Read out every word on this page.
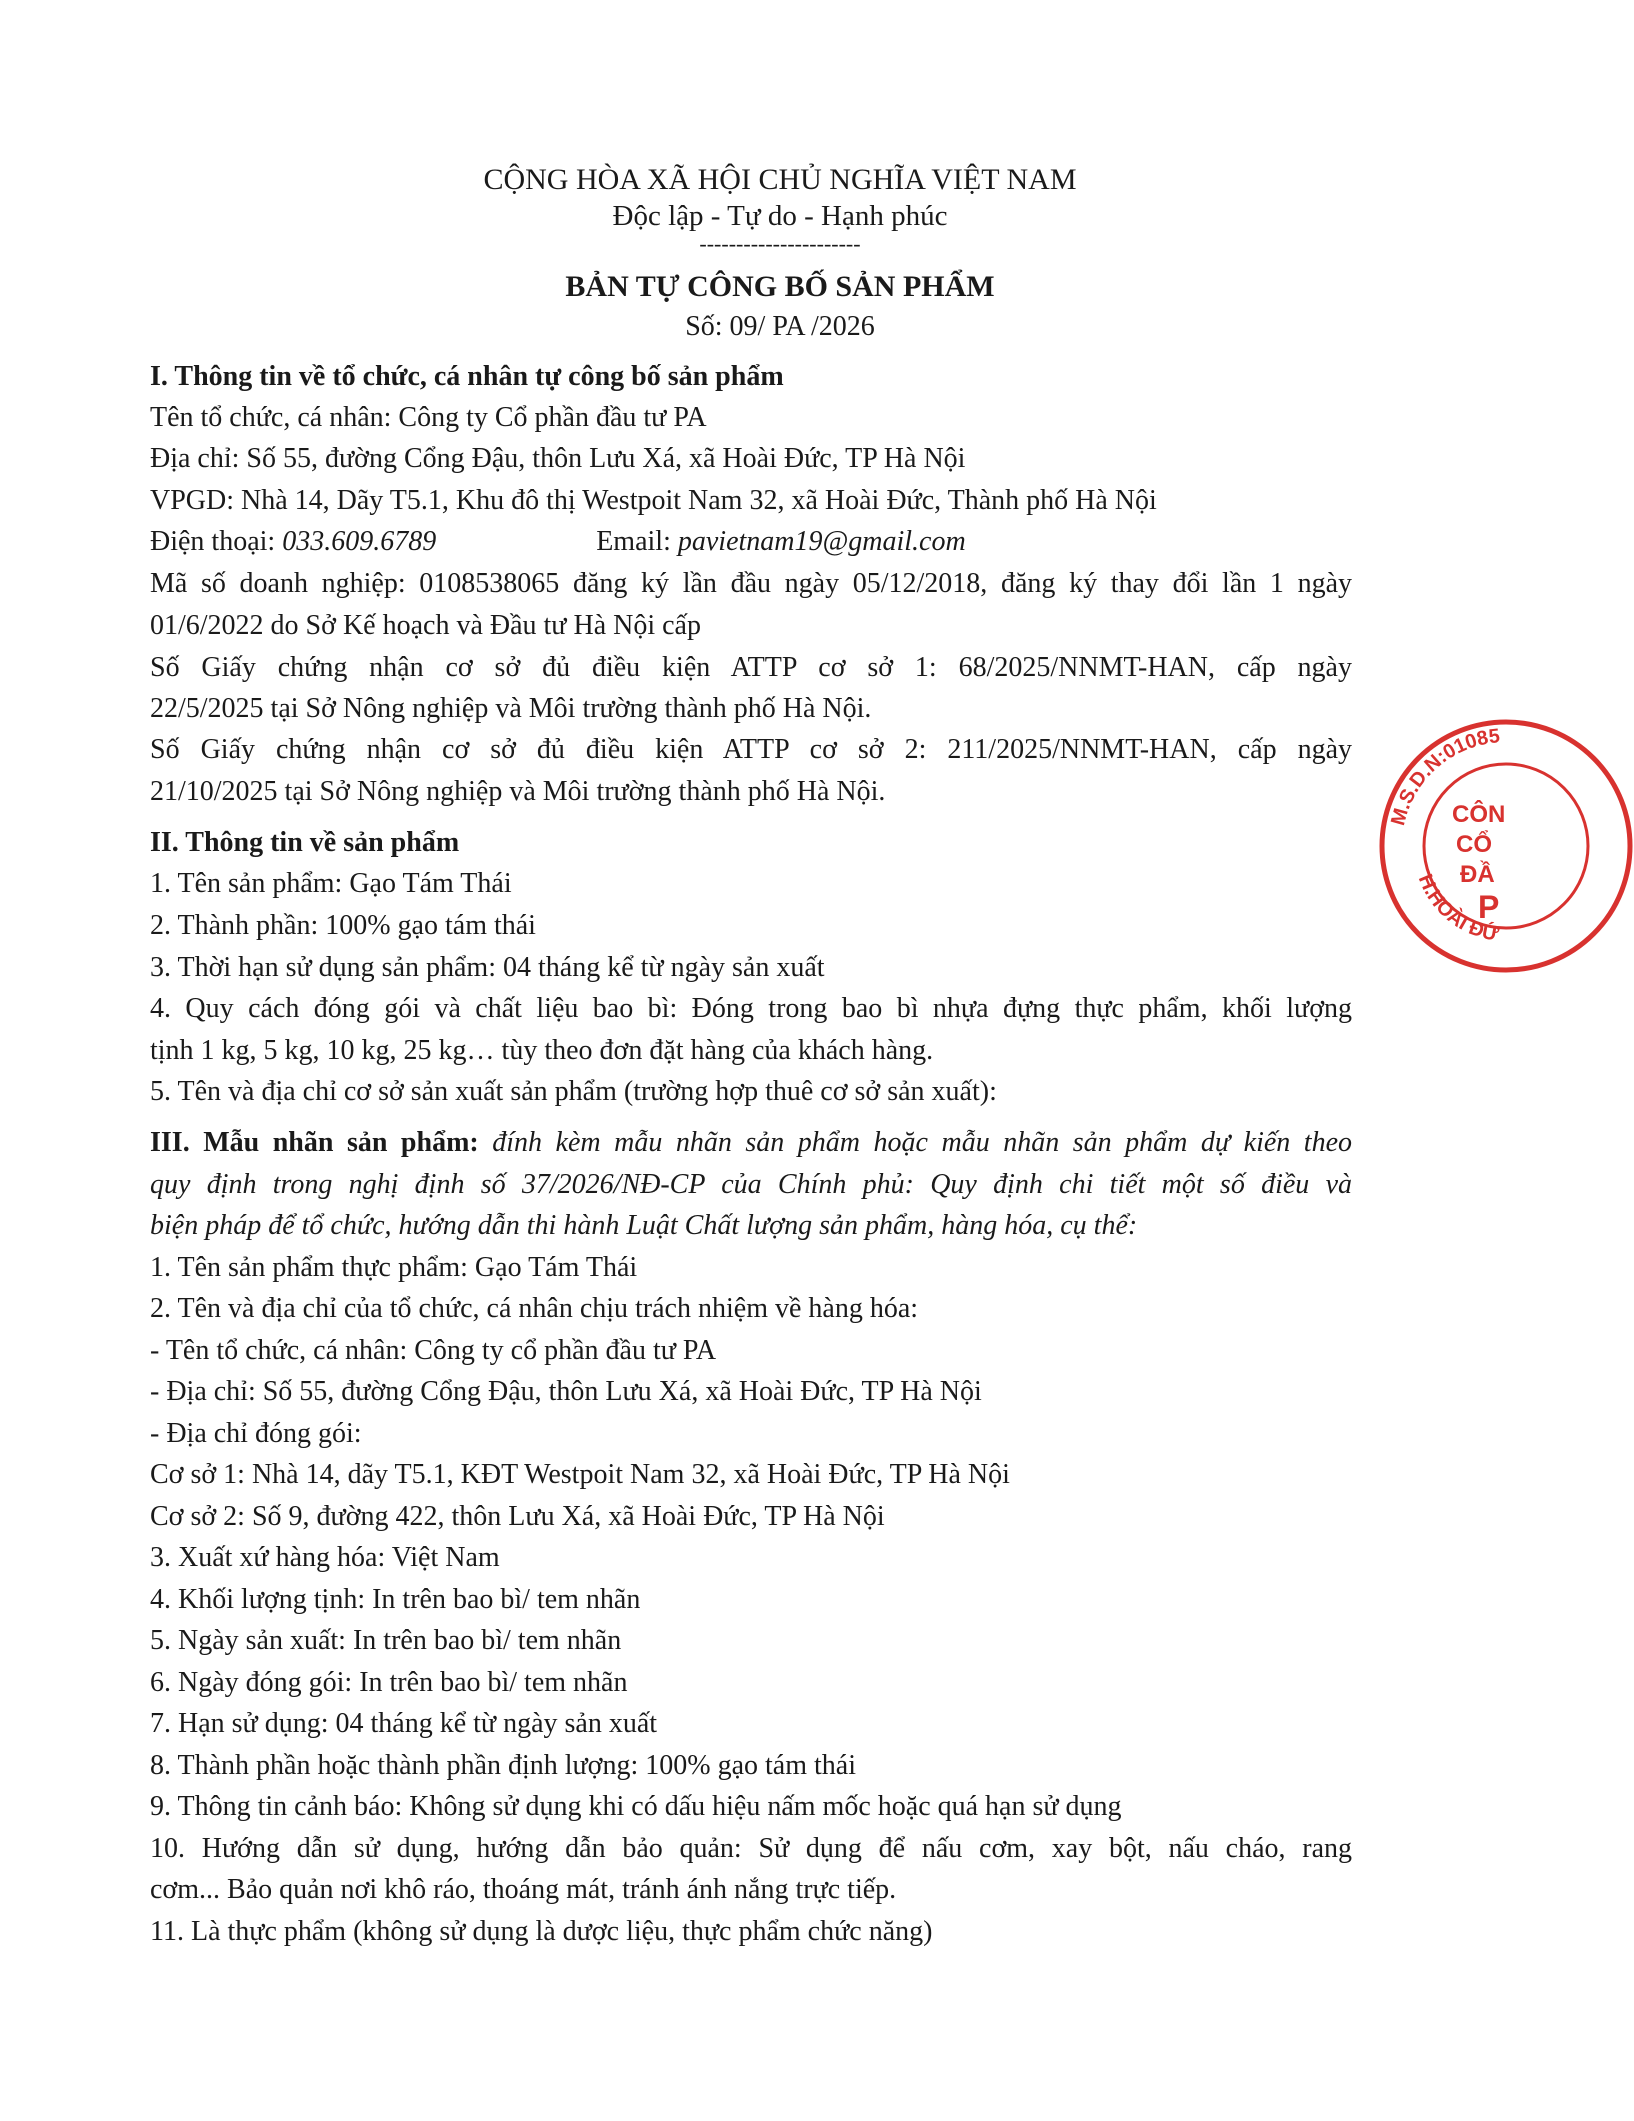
CỘNG HÒA XÃ HỘI CHỦ NGHĨA VIỆT NAM
Độc lập - Tự do - Hạnh phúc
----------------------
BẢN TỰ CÔNG BỐ SẢN PHẨM
Số: 09/ PA /2026
I. Thông tin về tổ chức, cá nhân tự công bố sản phẩm
Tên tổ chức, cá nhân: Công ty Cổ phần đầu tư PA
Địa chỉ: Số 55, đường Cổng Đậu, thôn Lưu Xá, xã Hoài Đức, TP Hà Nội
VPGD: Nhà 14, Dãy T5.1, Khu đô thị Westpoit Nam 32, xã Hoài Đức, Thành phố Hà Nội
Điện thoại: 033.609.6789	Email: pavietnam19@gmail.com
Mã số doanh nghiệp: 0108538065 đăng ký lần đầu ngày 05/12/2018, đăng ký thay đổi lần 1 ngày
01/6/2022 do Sở Kế hoạch và Đầu tư Hà Nội cấp
Số Giấy chứng nhận cơ sở đủ điều kiện ATTP cơ sở 1: 68/2025/NNMT-HAN, cấp ngày
22/5/2025 tại Sở Nông nghiệp và Môi trường thành phố Hà Nội.
Số Giấy chứng nhận cơ sở đủ điều kiện ATTP cơ sở 2: 211/2025/NNMT-HAN, cấp ngày
21/10/2025 tại Sở Nông nghiệp và Môi trường thành phố Hà Nội.
II. Thông tin về sản phẩm
1. Tên sản phẩm: Gạo Tám Thái
2. Thành phần: 100% gạo tám thái
3. Thời hạn sử dụng sản phẩm: 04 tháng kể từ ngày sản xuất
4. Quy cách đóng gói và chất liệu bao bì: Đóng trong bao bì nhựa đựng thực phẩm, khối lượng
tịnh 1 kg, 5 kg, 10 kg, 25 kg… tùy theo đơn đặt hàng của khách hàng.
5. Tên và địa chỉ cơ sở sản xuất sản phẩm (trường hợp thuê cơ sở sản xuất):
III. Mẫu nhãn sản phẩm: đính kèm mẫu nhãn sản phẩm hoặc mẫu nhãn sản phẩm dự kiến theo
quy định trong nghị định số 37/2026/NĐ-CP của Chính phủ: Quy định chi tiết một số điều và
biện pháp để tổ chức, hướng dẫn thi hành Luật Chất lượng sản phẩm, hàng hóa, cụ thể:
1. Tên sản phẩm thực phẩm: Gạo Tám Thái
2. Tên và địa chỉ của tổ chức, cá nhân chịu trách nhiệm về hàng hóa:
- Tên tổ chức, cá nhân: Công ty cổ phần đầu tư PA
- Địa chỉ: Số 55, đường Cổng Đậu, thôn Lưu Xá, xã Hoài Đức, TP Hà Nội
- Địa chỉ đóng gói:
Cơ sở 1: Nhà 14, dãy T5.1, KĐT Westpoit Nam 32, xã Hoài Đức, TP Hà Nội
Cơ sở 2: Số 9, đường 422, thôn Lưu Xá, xã Hoài Đức, TP Hà Nội
3. Xuất xứ hàng hóa: Việt Nam
4. Khối lượng tịnh: In trên bao bì/ tem nhãn
5. Ngày sản xuất: In trên bao bì/ tem nhãn
6. Ngày đóng gói: In trên bao bì/ tem nhãn
7. Hạn sử dụng: 04 tháng kể từ ngày sản xuất
8. Thành phần hoặc thành phần định lượng: 100% gạo tám thái
9. Thông tin cảnh báo: Không sử dụng khi có dấu hiệu nấm mốc hoặc quá hạn sử dụng
10. Hướng dẫn sử dụng, hướng dẫn bảo quản: Sử dụng để nấu cơm, xay bột, nấu cháo, rang
cơm... Bảo quản nơi khô ráo, thoáng mát, tránh ánh nắng trực tiếp.
11. Là thực phẩm (không sử dụng là dược liệu, thực phẩm chức năng)
M.S.D.N:01085
H.HOÀI ĐỨ
CÔN
CỔ
ĐẦ
P
